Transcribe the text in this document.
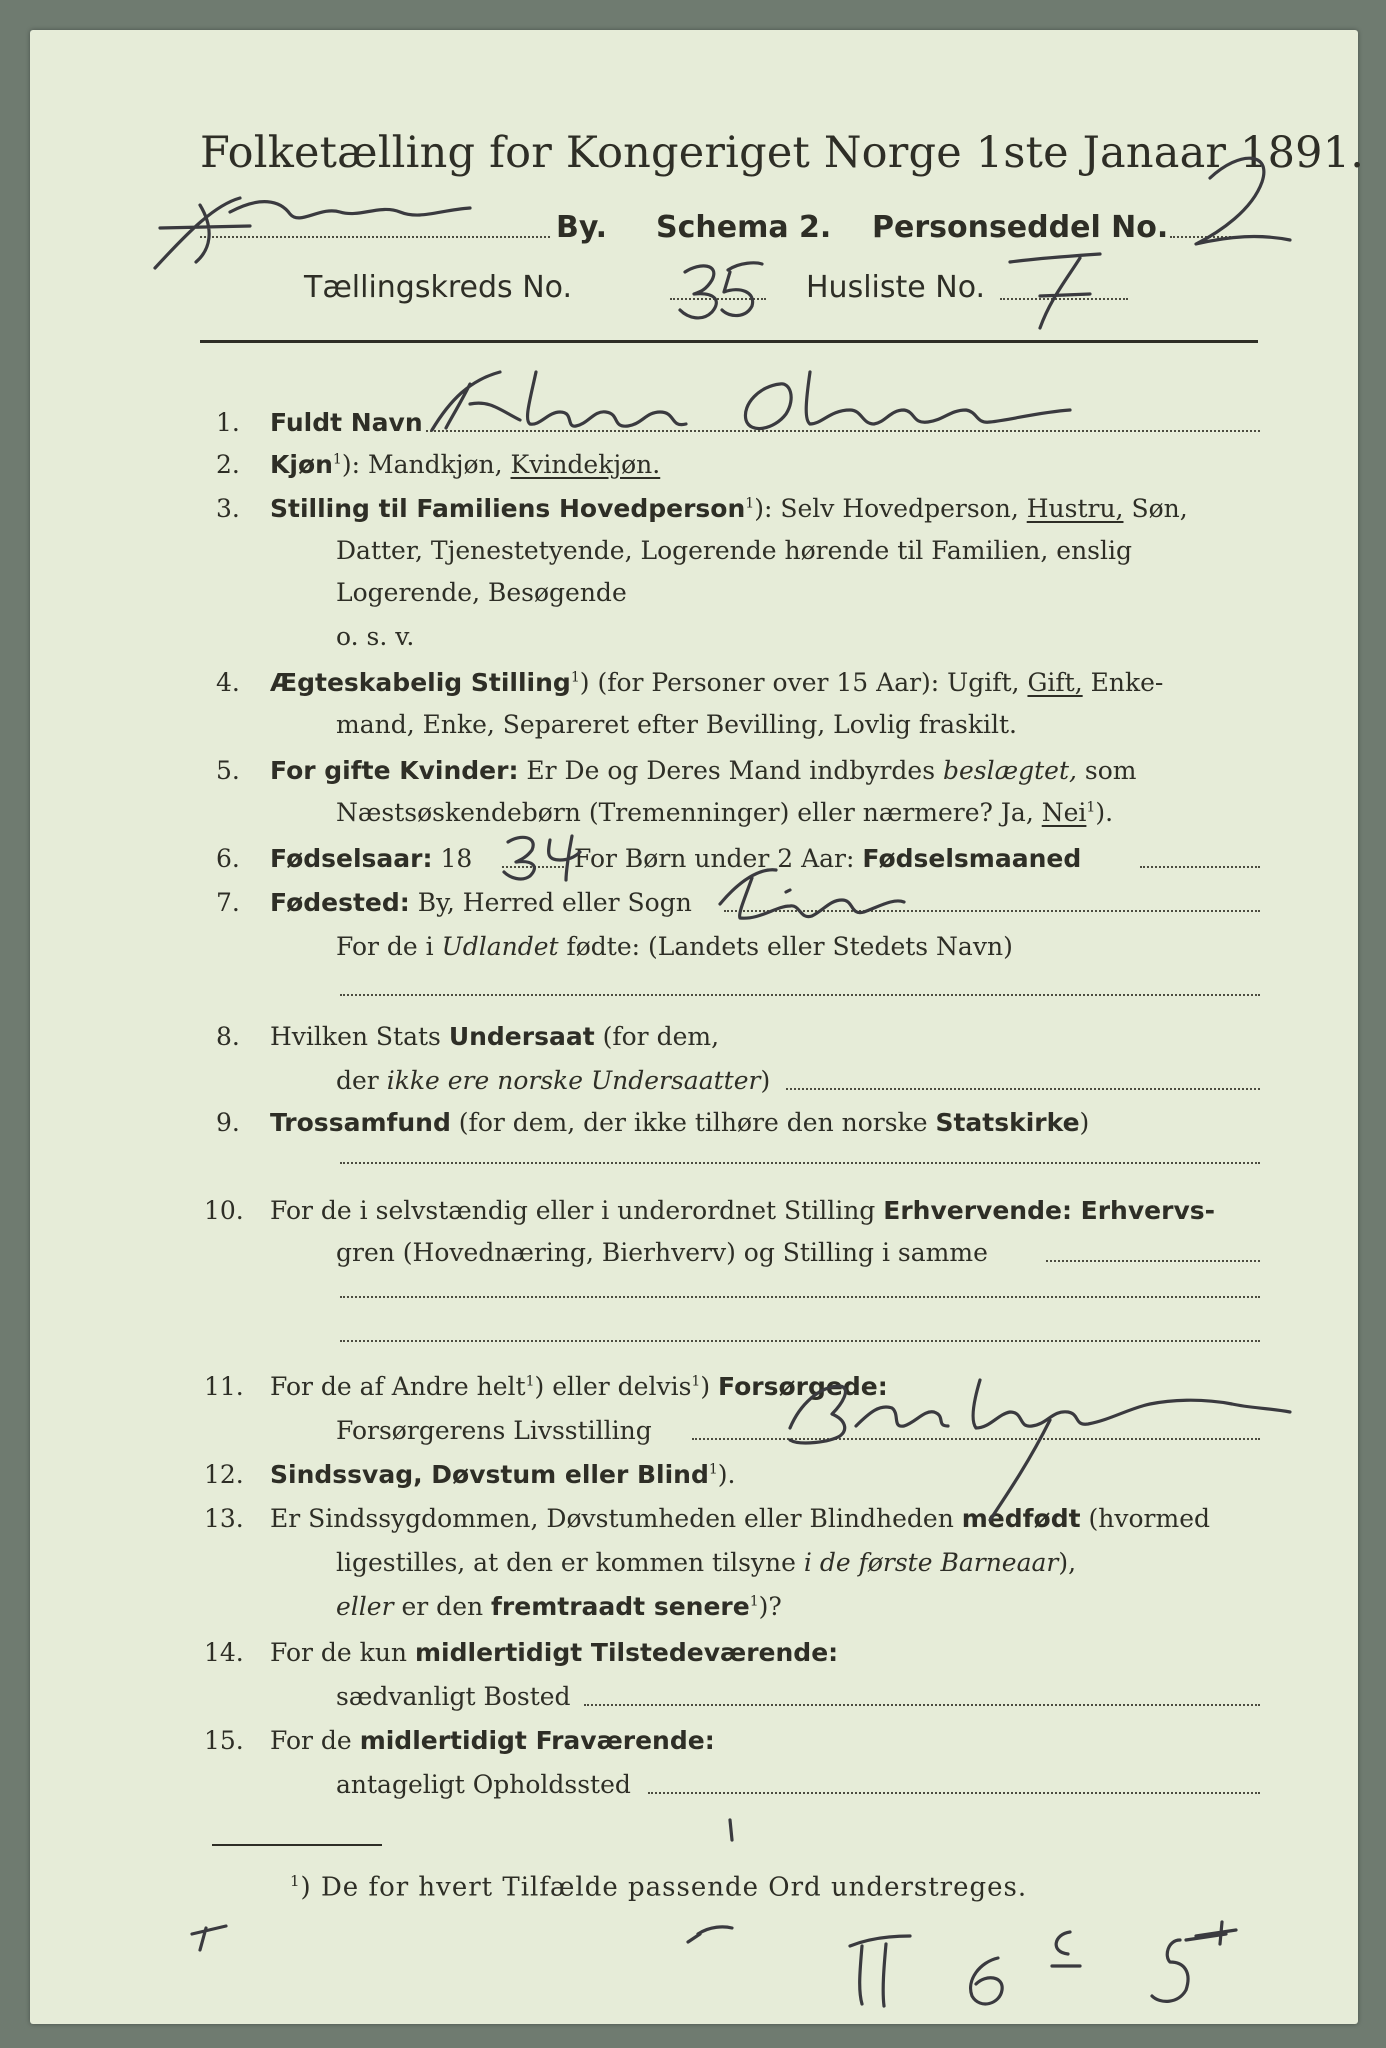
Folketælling for Kongeriget Norge 1ste Janaar 1891.
By. Schema 2. Personseddel No.
Tællingskreds No.	Husliste No.
1. Fuldt Navn
2. Kjøn$^1$): Mandkjøn, Kvindekjøn.
3. Stilling til Familiens Hovedperson$^1$): Selv Hovedperson, Hustru, Søn,
Datter, Tjenestetyende, Logerende hørende til Familien, enslig
Logerende, Besøgende
o. s. v.
4. Ægteskabelig Stilling$^1$) (for Personer over 15 Aar): Ugift, Gift, Enke-
mand, Enke, Separeret efter Bevilling, Lovlig fraskilt.
5. For gifte Kvinder: Er De og Deres Mand indbyrdes beslægtet, som
Næstsøskendebørn (Tremenninger) eller nærmere? Ja, Nei$^1$).
6. Fødselsaar: 18	For Børn under 2 Aar: Fødselsmaaned
7. Fødested: By, Herred eller Sogn
For de i Udlandet fødte: (Landets eller Stedets Navn)
8. Hvilken Stats Undersaat (for dem,
der ikke ere norske Undersaatter)
9. Trossamfund (for dem, der ikke tilhøre den norske Statskirke)
10. For de i selvstændig eller i underordnet Stilling Erhvervende: Erhvervs-
gren (Hovednæring, Bierhverv) og Stilling i samme
11. For de af Andre helt$^1$) eller delvis$^1$) Forsørgede:
Forsørgerens Livsstilling
12. Sindssvag, Døvstum eller Blind$^1$).
13. Er Sindssygdommen, Døvstumheden eller Blindheden medfødt (hvormed
ligestilles, at den er kommen tilsyne i de første Barneaar),
eller er den fremtraadt senere$^1$)?
14. For de kun midlertidigt Tilstedeværende:
sædvanligt Bosted
15. For de midlertidigt Fraværende:
antageligt Opholdssted
$^1$) De for hvert Tilfælde passende Ord understreges.
